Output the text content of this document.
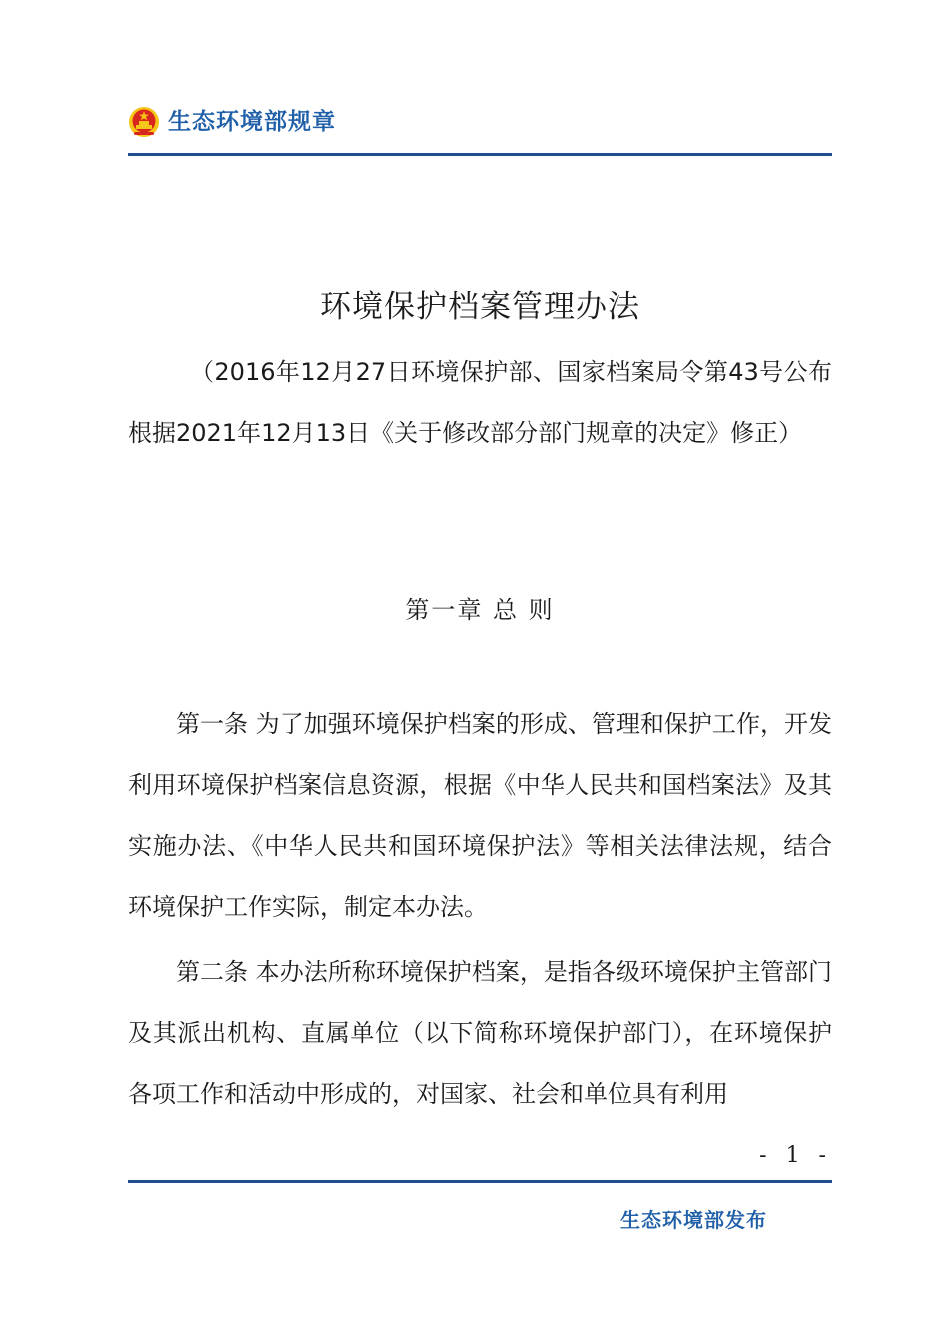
生态环境部规章
环境保护档案管理办法

（2016年12月27日环境保护部、国家档案局令第43号公布　根据2021年12月13日《关于修改部分部门规章的决定》修正）

第一章 总 则

第一条 为了加强环境保护档案的形成、管理和保护工作，开发利用环境保护档案信息资源，根据《中华人民共和国档案法》及其实施办法、《中华人民共和国环境保护法》等相关法律法规，结合环境保护工作实际，制定本办法。

第二条 本办法所称环境保护档案，是指各级环境保护主管部门及其派出机构、直属单位（以下简称环境保护部门），在环境保护各项工作和活动中形成的，对国家、社会和单位具有利用

- 1 -
生态环境部发布
